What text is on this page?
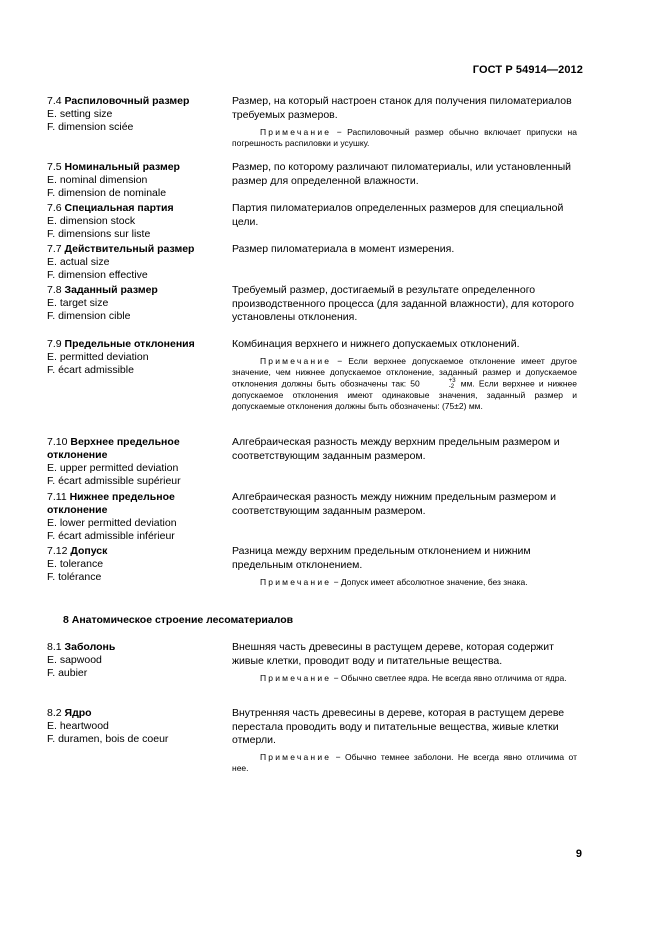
ГОСТ Р 54914—2012
7.4 Распиловочный размер
E. setting size
F. dimension sciée
Размер, на который настроен станок для получения пиломатериалов требуемых размеров.
Примечание − Распиловочный размер обычно включает припуски на погрешность распиловки и усушку.
7.5 Номинальный размер
E. nominal dimension
F. dimension de nominale
Размер, по которому различают пиломатериалы, или установленный размер для определенной влажности.
7.6 Специальная партия
E. dimension stock
F. dimensions sur liste
Партия пиломатериалов определенных размеров для специальной цели.
7.7 Действительный размер
E. actual size
F. dimension effective
Размер пиломатериала в момент измерения.
7.8 Заданный размер
E. target size
F. dimension cible
Требуемый размер, достигаемый в результате определенного производственного процесса (для заданной влажности), для которого установлены отклонения.
7.9 Предельные отклонения
E. permitted deviation
F. écart admissible
Комбинация верхнего и нижнего допускаемых отклонений.
Примечание − Если верхнее допускаемое отклонение имеет другое значение, чем нижнее допускаемое отклонение, заданный размер и допускаемое отклонения должны быть обозначены так: 50	+3
-2 мм. Если верхнее и нижнее допускаемое отклонения имеют одинаковые значения, заданный размер и допускаемые отклонения должны быть обозначены: (75±2) мм.
7.10 Верхнее предельное
отклонение
E. upper permitted deviation
F. écart admissible supérieur
Алгебраическая разность между верхним предельным размером и соответствующим заданным размером.
7.11 Нижнее предельное
отклонение
E. lower permitted deviation
F. écart admissible inférieur
Алгебраическая разность между нижним предельным размером и соответствующим заданным размером.
7.12 Допуск
E. tolerance
F. tolérance
Разница между верхним предельным отклонением и нижним предельным отклонением.
Примечание − Допуск имеет абсолютное значение, без знака.
8 Анатомическое строение лесоматериалов
8.1 Заболонь
E. sapwood
F. aubier
Внешняя часть древесины в растущем дереве, которая содержит живые клетки, проводит воду и питательные вещества.
Примечание − Обычно светлее ядра. Не всегда явно отличима от ядра.
8.2 Ядро
E. heartwood
F. duramen, bois de coeur
Внутренняя часть древесины в дереве, которая в растущем дереве перестала проводить воду и питательные вещества, живые клетки отмерли.
Примечание − Обычно темнее заболони. Не всегда явно отличима от нее.
9
